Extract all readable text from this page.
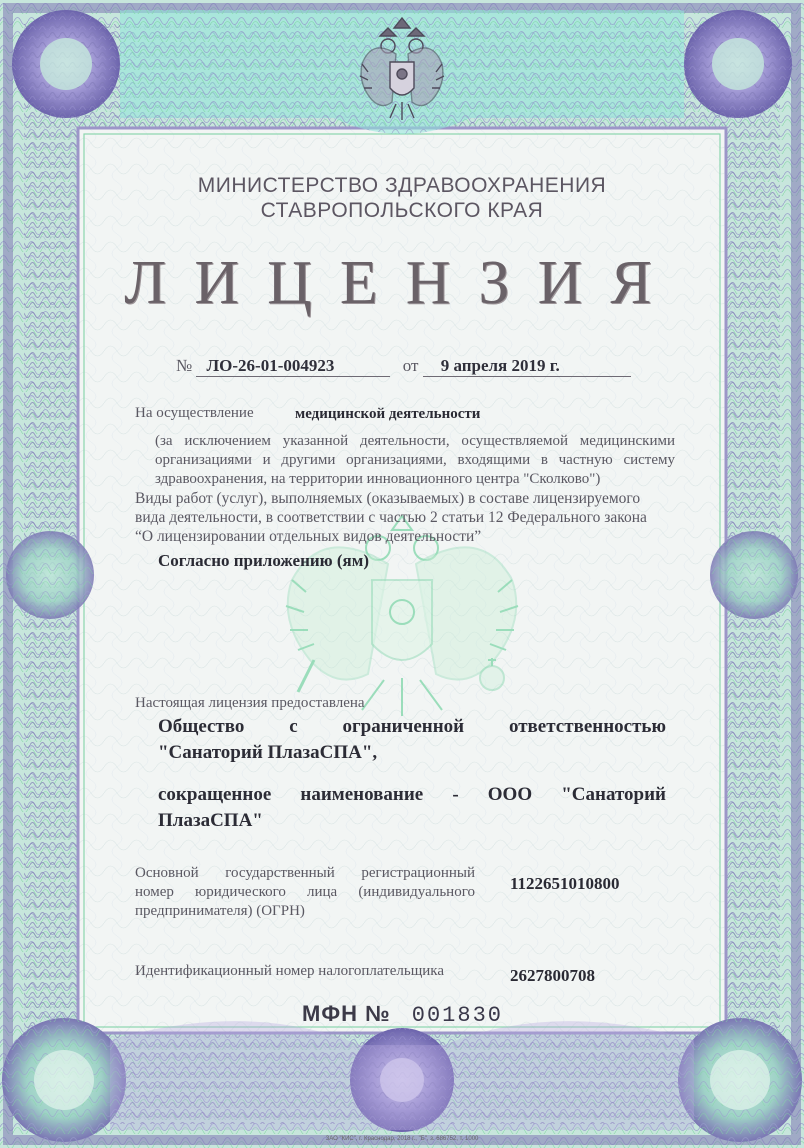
МИНИСТЕРСТВО ЗДРАВООХРАНЕНИЯ

СТАВРОПОЛЬСКОГО КРАЯ

ЛИЦЕНЗИЯ

№ ЛО-26-01-004923	от 9 апреля 2019 г.

На осуществление	медицинской деятельности

(за исключением указанной деятельности, осуществляемой медицинскими

организациями и другими организациями, входящими в частную систему

здравоохранения, на территории инновационного центра "Сколково")

Виды работ (услуг), выполняемых (оказываемых) в составе лицензируемого

вида деятельности, в соответствии с частью 2 статьи 12 Федерального закона

“О лицензировании отдельных видов деятельности”

Согласно приложению (ям)

Настоящая лицензия предоставлена

Общество с ограниченной ответственностью

"Санаторий ПлазаСПА",

сокращенное наименование - ООО "Санаторий

ПлазаСПА"

Основной государственный регистрационный

номер юридического лица (индивидуального

предпринимателя) (ОГРН)

1122651010800

Идентификационный номер налогоплательщика	2627800708

МФН № 001830

ЗАО "КИС", г. Краснодар, 2018 г., "Б", з. 686752, т. 1000
